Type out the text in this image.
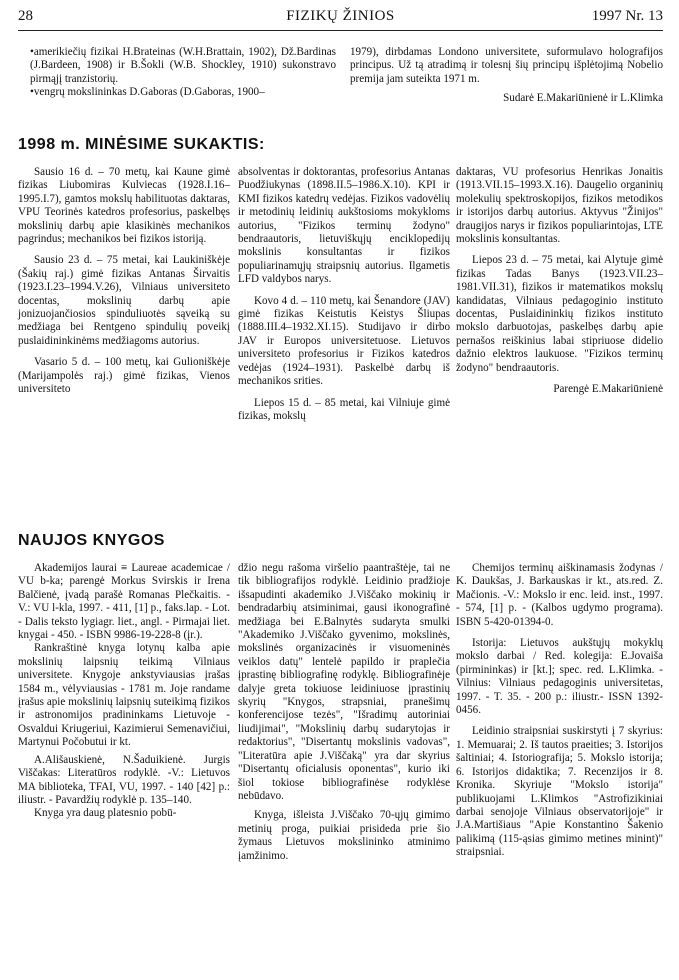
28	FIZIKŲ ŽINIOS	1997 Nr. 13

•amerikiečių fizikai H.Brateinas (W.H.Brattain, 1902), Dž.Bardinas (J.Bardeen, 1908) ir B.Šokli (W.B. Shockley, 1910) sukonstravo pirmąjį tranzistorių.

•vengrų mokslininkas D.Gaboras (D.Gaboras, 1900–

1979), dirbdamas Londono universitete, suformulavo holografijos principus. Už tą atradimą ir tolesnį šių principų išplėtojimą Nobelio premija jam suteikta 1971 m.

Sudarė E.Makariūnienė ir L.Klimka

1998 m. MINĖSIME SUKAKTIS:

Sausio 16 d. – 70 metų, kai Kaune gimė fizikas Liubomiras Kulviecas (1928.I.16–1995.I.7), gamtos mokslų habilituotas daktaras, VPU Teorinės katedros profesorius, paskelbęs mokslinių darbų apie klasikinės mechanikos pagrindus; mechanikos bei fizikos istoriją.

Sausio 23 d. – 75 metai, kai Laukiniškėje (Šakių raj.) gimė fizikas Antanas Širvaitis (1923.I.23–1994.V.26), Vilniaus universiteto docentas, mokslinių darbų apie jonizuojančiosios spinduliuotės sąveiką su medžiaga bei Rentgeno spindulių poveikį puslaidininkinėms medžiagoms autorius.

Vasario 5 d. – 100 metų, kai Gulioniškėje (Marijampolės raj.) gimė fizikas, Vienos universiteto

absolventas ir doktorantas, profesorius Antanas Puodžiukynas (1898.II.5–1986.X.10). KPI ir KMI fizikos katedrų vedėjas. Fizikos vadovėlių ir metodinių leidinių aukštosioms mokykloms autorius, "Fizikos terminų žodyno" bendraautoris, lietuviškųjų enciklopedijų mokslinis konsultantas ir fizikos populiarinamųjų straipsnių autorius. Ilgametis LFD valdybos narys.

Kovo 4 d. – 110 metų, kai Šenandore (JAV) gimė fizikas Keistutis Keistys Šliupas (1888.III.4–1932.XI.15). Studijavo ir dirbo JAV ir Europos universitetuose. Lietuvos universiteto profesorius ir Fizikos katedros vedėjas (1924–1931). Paskelbė darbų iš mechanikos srities.

Liepos 15 d. – 85 metai, kai Vilniuje gimė fizikas, mokslų

daktaras, VU profesorius Henrikas Jonaitis (1913.VII.15–1993.X.16). Daugelio organinių molekulių spektroskopijos, fizikos metodikos ir istorijos darbų autorius. Aktyvus "Žinijos" draugijos narys ir fizikos populiarintojas, LTE mokslinis konsultantas.

Liepos 23 d. – 75 metai, kai Alytuje gimė fizikas Tadas Banys (1923.VII.23–1981.VII.31), fizikos ir matematikos mokslų kandidatas, Vilniaus pedagoginio instituto docentas, Puslaidininkių fizikos instituto mokslo darbuotojas, paskelbęs darbų apie pernašos reiškinius labai stipriuose didelio dažnio elektros laukuose. "Fizikos terminų žodyno" bendraautoris.

Parengė E.Makariūnienė

NAUJOS KNYGOS

Akademijos laurai ≡ Laureae academicae / VU b-ka; parengė Morkus Svirskis ir Irena Balčienė, įvadą parašė Romanas Plečkaitis. - V.: VU l-kla, 1997. - 411, [1] p., faks.lap. - Lot. - Dalis teksto lygiagr. liet., angl. - Pirmajai liet. knygai - 450. - ISBN 9986-19-228-8 (įr.).

Rankraštinė knyga lotynų kalba apie mokslinių laipsnių teikimą Vilniaus universitete. Knygoje ankstyviausias įrašas 1584 m., vėlyviausias - 1781 m. Joje randame įrašus apie mokslinių laipsnių suteikimą fizikos ir astronomijos pradininkams Lietuvoje - Osvaldui Kriugeriui, Kazimierui Semenavičiui, Martynui Počobutui ir kt.

A.Ališauskienė, N.Šaduikienė. Jurgis Viščakas: Literatūros rodyklė. -V.: Lietuvos MA biblioteka, TFAI, VU, 1997. - 140 [42] p.: iliustr. - Pavardžių rodyklė p. 135–140.

Knyga yra daug platesnio pobū-

džio negu rašoma viršelio paantraštėje, tai ne tik bibliografijos rodyklė. Leidinio pradžioje išsapudinti akademiko J.Viščako mokinių ir bendradarbių atsiminimai, gausi ikonografinė medžiaga bei E.Balnytės sudaryta smulki "Akademiko J.Viščako gyvenimo, mokslinės, mokslinės organizacinės ir visuomeninės veiklos datų" lentelė papildo ir praplečia įprastinę bibliografinę rodyklę. Bibliografinėje dalyje greta tokiuose leidiniuose įprastinių skyrių "Knygos, strapsniai, pranešimų konferencijose tezės", "Išradimų autoriniai liudijimai", "Mokslinių darbų sudarytojas ir redaktorius", "Disertantų mokslinis vadovas", "Literatūra apie J.Viščaką" yra dar skyrius "Disertantų oficialusis oponentas", kurio iki šiol tokiose bibliografinėse rodyklėse nebūdavo.

Knyga, išleista J.Viščako 70-ųjų gimimo metinių proga, puikiai prisideda prie šio žymaus Lietuvos mokslininko atminimo įamžinimo.

Chemijos terminų aiškinamasis žodynas / K. Daukšas, J. Barkauskas ir kt., ats.red. Z. Mačionis. -V.: Mokslo ir enc. leid. inst., 1997. - 574, [1] p. - (Kalbos ugdymo programa). ISBN 5-420-01394-0.

Istorija: Lietuvos aukštųjų mokyklų mokslo darbai / Red. kolegija: E.Jovaiša (pirmininkas) ir [kt.]; spec. red. L.Klimka. - Vilnius: Vilniaus pedagoginis universitetas, 1997. - T. 35. - 200 p.: iliustr.- ISSN 1392-0456.

Leidinio straipsniai suskirstyti į 7 skyrius: 1. Memuarai; 2. Iš tautos praeities; 3. Istorijos šaltiniai; 4. Istoriografija; 5. Mokslo istorija; 6. Istorijos didaktika; 7. Recenzijos ir 8. Kronika. Skyriuje "Mokslo istorija" publikuojami L.Klimkos "Astrofizikiniai darbai senojoje Vilniaus observatorijoje" ir J.A.Martišiaus "Apie Konstantino Šakenio palikimą (115-ąsias gimimo metines minint)" straipsniai.
